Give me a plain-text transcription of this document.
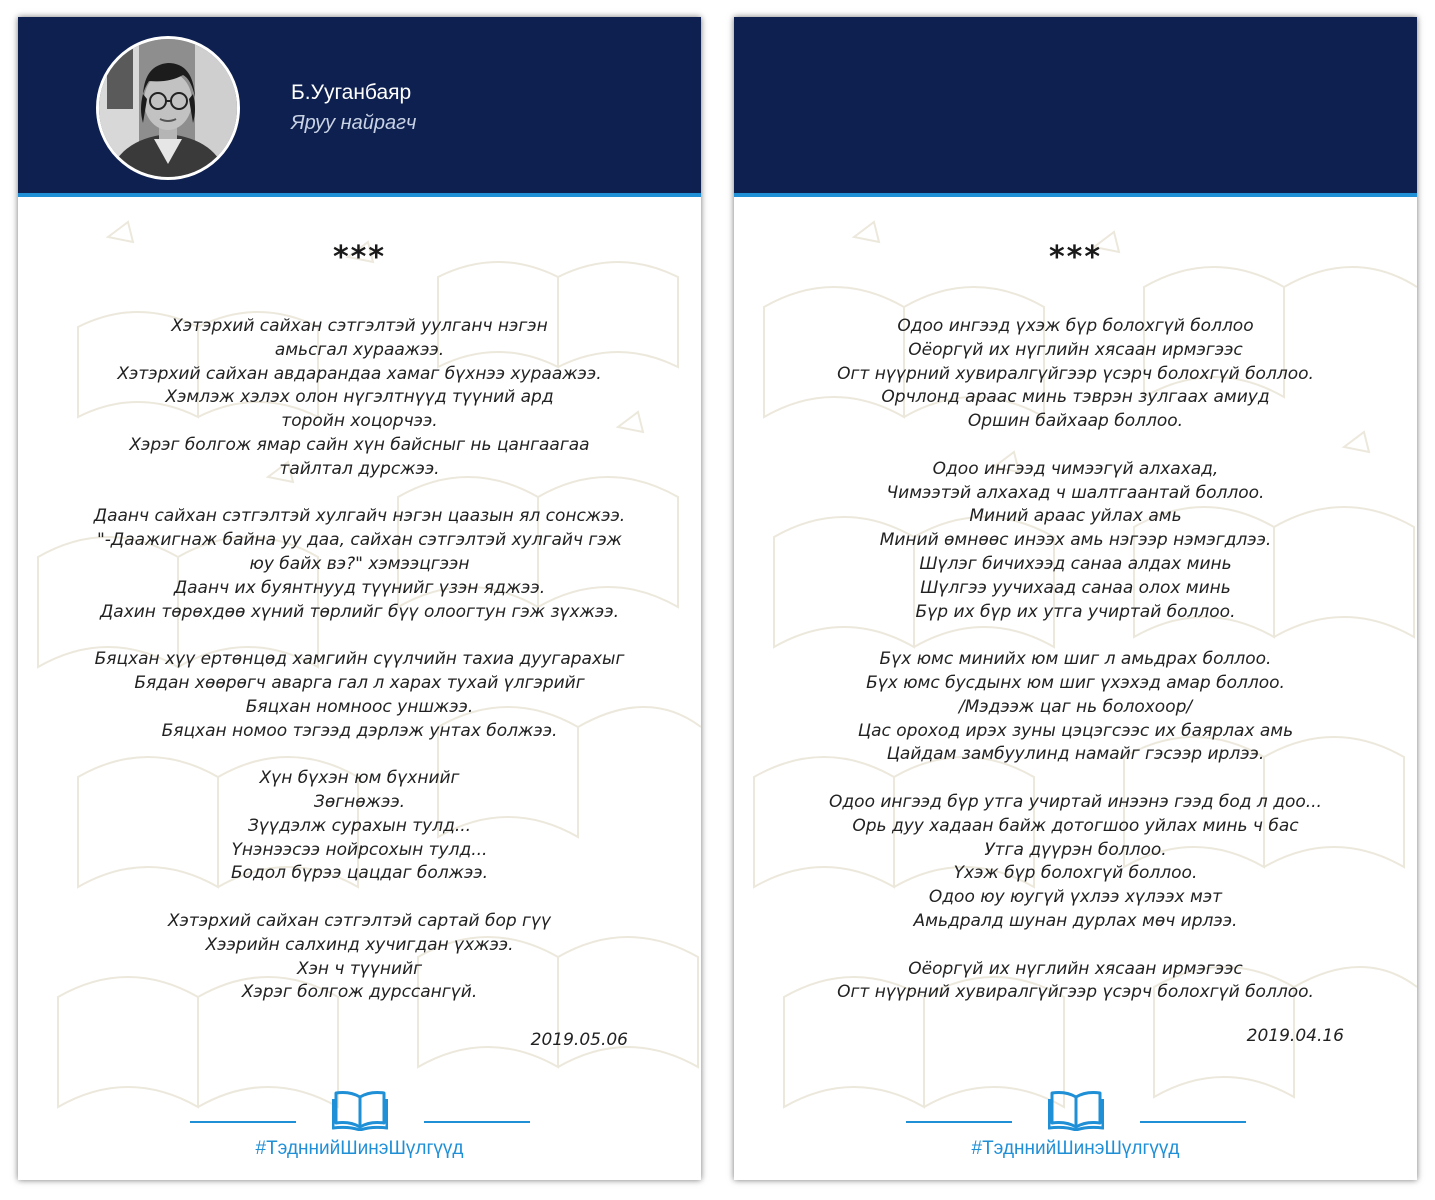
Б.Ууганбаяр
Яруу найрагч
***
Хэтэрхий сайхан сэтгэлтэй уулганч нэгэн
амьсгал хураажээ.
Хэтэрхий сайхан авдарандаа хамаг бүхнээ хураажээ.
Хэмлэж хэлэх олон нүгэлтнүүд түүний ард
торойн хоцорчээ.
Хэрэг болгож ямар сайн хүн байсныг нь цангаагаа
тайлтал дурсжээ.
Даанч сайхан сэтгэлтэй хулгайч нэгэн цаазын ял сонсжээ.
"-Даажигнаж байна уу даа, сайхан сэтгэлтэй хулгайч гэж
юу байх вэ?" хэмээцгээн
Даанч их буянтнууд түүнийг үзэн яджээ.
Дахин төрөхдөө хүний төрлийг бүү олоогтун гэж зүхжээ.
Бяцхан хүү ертөнцөд хамгийн сүүлчийн тахиа дуугарахыг
Бядан хөөрөгч аварга гал л харах тухай үлгэрийг
Бяцхан номноос уншжээ.
Бяцхан номоо тэгээд дэрлэж унтах болжээ.
Хүн бүхэн юм бүхнийг
Зөгнөжээ.
Зүүдэлж сурахын тулд...
Үнэнээсээ нойрсохын тулд...
Бодол бүрээ цацдаг болжээ.
Хэтэрхий сайхан сэтгэлтэй сартай бор гүү
Хээрийн салхинд хучигдан үхжээ.
Хэн ч түүнийг
Хэрэг болгож дурссангүй.
2019.05.06
#ТэдннийШинэШүлгүүд
***
Одоо ингээд үхэж бүр болохгүй боллоо
Оёоргүй их нүглийн хясаан ирмэгээс
Огт нүүрний хувиралгүйгээр үсэрч болохгүй боллоо.
Орчлонд араас минь тэврэн зулгаах амиуд
Оршин байхаар боллоо.
Одоо ингээд чимээгүй алхахад,
Чимээтэй алхахад ч шалтгаантай боллоо.
Миний араас уйлах амь
Миний өмнөөс инээх амь нэгээр нэмэгдлээ.
Шүлэг бичихээд санаа алдах минь
Шүлгээ уучихаад санаа олох минь
Бүр их бүр их утга учиртай боллоо.
Бүх юмс минийх юм шиг л амьдрах боллоо.
Бүх юмс бусдынх юм шиг үхэхэд амар боллоо.
/Мэдээж цаг нь болохоор/
Цас ороход ирэх зуны цэцэгсээс их баярлах амь
Цайдам замбуулинд намайг гэсээр ирлээ.
Одоо ингээд бүр утга учиртай инээнэ гээд бод л доо...
Орь дуу хадаан байж дотогшоо уйлах минь ч бас
Утга дүүрэн боллоо.
Үхэж бүр болохгүй боллоо.
Одоо юу юугүй үхлээ хүлээх мэт
Амьдралд шунан дурлах мөч ирлээ.
Оёоргүй их нүглийн хясаан ирмэгээс
Огт нүүрний хувиралгүйгээр үсэрч болохгүй боллоо.
2019.04.16
#ТэдннийШинэШүлгүүд
